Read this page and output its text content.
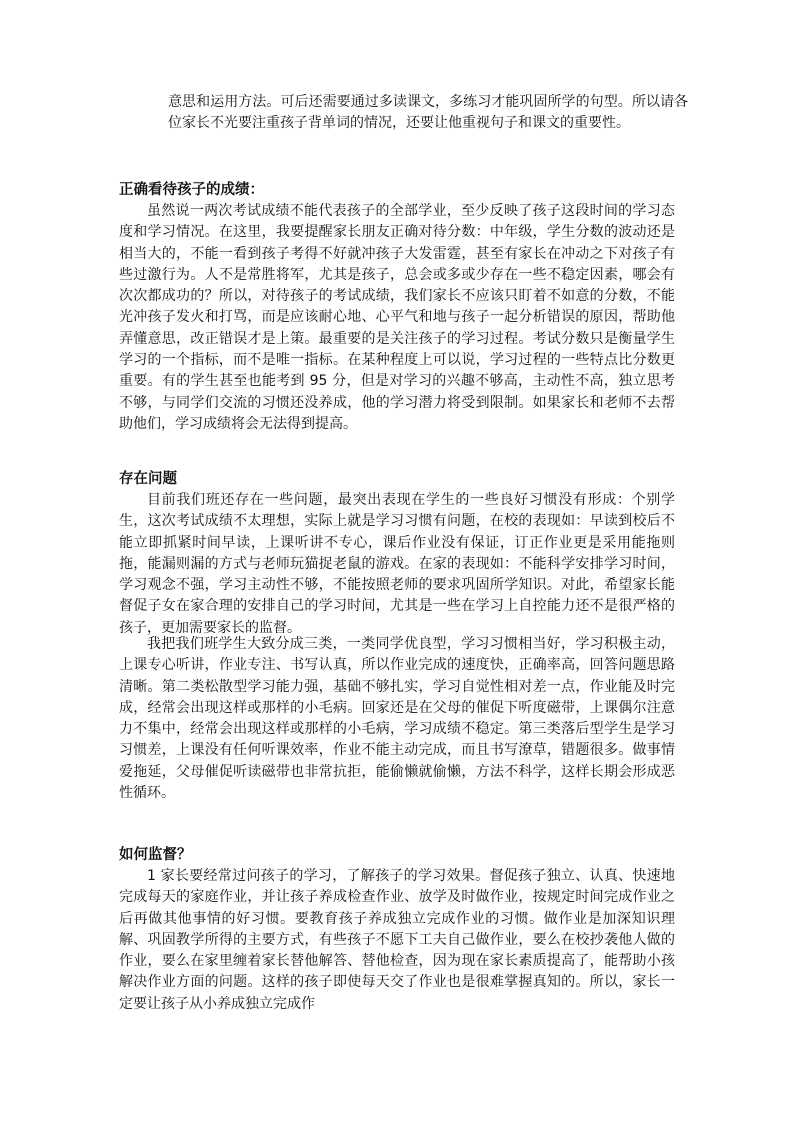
意思和运用方法。可后还需要通过多读课文，多练习才能巩固所学的句型。所以请各位家长不光要注重孩子背单词的情况，还要让他重视句子和课文的重要性。

正确看待孩子的成绩：

虽然说一两次考试成绩不能代表孩子的全部学业，至少反映了孩子这段时间的学习态度和学习情况。在这里，我要提醒家长朋友正确对待分数：中年级，学生分数的波动还是相当大的，不能一看到孩子考得不好就冲孩子大发雷霆，甚至有家长在冲动之下对孩子有些过激行为。人不是常胜将军，尤其是孩子，总会或多或少存在一些不稳定因素，哪会有次次都成功的？所以，对待孩子的考试成绩，我们家长不应该只盯着不如意的分数，不能光冲孩子发火和打骂，而是应该耐心地、心平气和地与孩子一起分析错误的原因，帮助他弄懂意思，改正错误才是上策。最重要的是关注孩子的学习过程。考试分数只是衡量学生学习的一个指标，而不是唯一指标。在某种程度上可以说，学习过程的一些特点比分数更重要。有的学生甚至也能考到 95 分，但是对学习的兴趣不够高，主动性不高，独立思考不够，与同学们交流的习惯还没养成，他的学习潜力将受到限制。如果家长和老师不去帮助他们，学习成绩将会无法得到提高。

存在问题

目前我们班还存在一些问题，最突出表现在学生的一些良好习惯没有形成：个别学生，这次考试成绩不太理想，实际上就是学习习惯有问题，在校的表现如：早读到校后不能立即抓紧时间早读，上课听讲不专心，课后作业没有保证，订正作业更是采用能拖则拖，能漏则漏的方式与老师玩猫捉老鼠的游戏。在家的表现如：不能科学安排学习时间，学习观念不强，学习主动性不够，不能按照老师的要求巩固所学知识。对此，希望家长能督促子女在家合理的安排自己的学习时间，尤其是一些在学习上自控能力还不是很严格的孩子，更加需要家长的监督。

我把我们班学生大致分成三类，一类同学优良型，学习习惯相当好，学习积极主动，上课专心听讲，作业专注、书写认真，所以作业完成的速度快，正确率高，回答问题思路清晰。第二类松散型学习能力强，基础不够扎实，学习自觉性相对差一点，作业能及时完成，经常会出现这样或那样的小毛病。回家还是在父母的催促下听度磁带，上课偶尔注意力不集中，经常会出现这样或那样的小毛病，学习成绩不稳定。第三类落后型学生是学习习惯差，上课没有任何听课效率，作业不能主动完成，而且书写潦草，错题很多。做事情爱拖延，父母催促听读磁带也非常抗拒，能偷懒就偷懒，方法不科学，这样长期会形成恶性循环。

如何监督？

1 家长要经常过问孩子的学习，了解孩子的学习效果。督促孩子独立、认真、快速地完成每天的家庭作业，并让孩子养成检查作业、放学及时做作业，按规定时间完成作业之后再做其他事情的好习惯。要教育孩子养成独立完成作业的习惯。做作业是加深知识理解、巩固教学所得的主要方式，有些孩子不愿下工夫自己做作业，要么在校抄袭他人做的作业，要么在家里缠着家长替他解答、替他检查，因为现在家长素质提高了，能帮助小孩解决作业方面的问题。这样的孩子即使每天交了作业也是很难掌握真知的。所以，家长一定要让孩子从小养成独立完成作
